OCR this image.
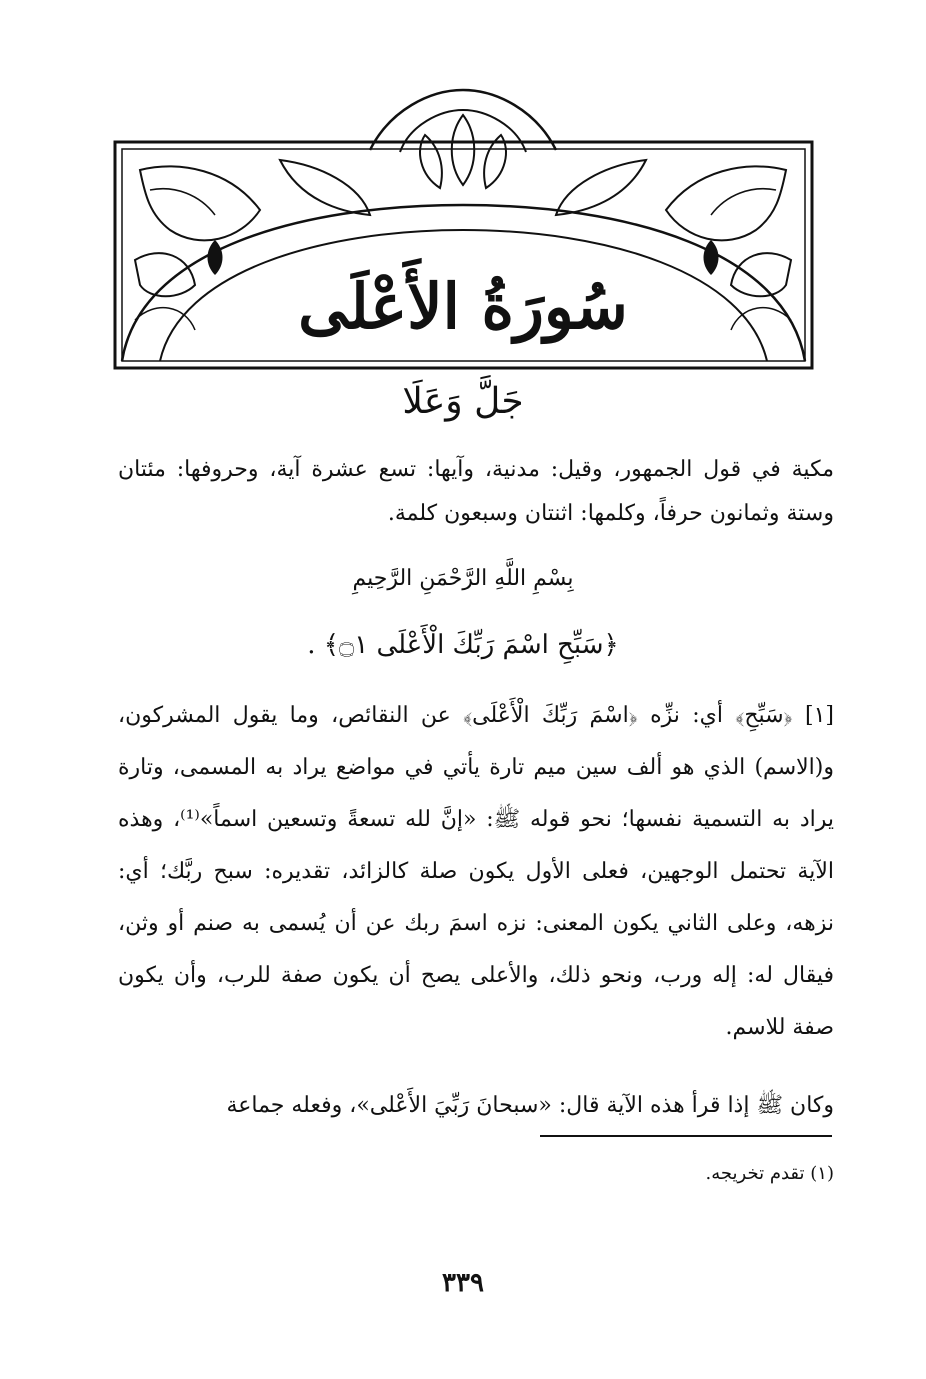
سُورَةُ الأَعْلَى
جَلَّ وَعَلَا
مكية في قول الجمهور، وقيل: مدنية، وآيها: تسع عشرة آية، وحروفها: مئتان وستة وثمانون حرفاً، وكلمها: اثنتان وسبعون كلمة.
بِسْمِ اللَّهِ الرَّحْمَنِ الرَّحِيمِ
﴿سَبِّحِ اسْمَ رَبِّكَ الْأَعْلَى ۝١﴾ .
[١] ﴿سَبِّحِ﴾ أي: نزِّه ﴿اسْمَ رَبِّكَ الْأَعْلَى﴾ عن النقائص، وما يقول المشركون، و(الاسم) الذي هو ألف سين ميم تارة يأتي في مواضع يراد به المسمى، وتارة يراد به التسمية نفسها؛ نحو قوله ﷺ: «إنَّ لله تسعةً وتسعين اسماً»⁽¹⁾، وهذه الآية تحتمل الوجهين، فعلى الأول يكون صلة كالزائد، تقديره: سبح ربَّك؛ أي: نزهه، وعلى الثاني يكون المعنى: نزه اسمَ ربك عن أن يُسمى به صنم أو وثن، فيقال له: إله ورب، ونحو ذلك، والأعلى يصح أن يكون صفة للرب، وأن يكون صفة للاسم.
وكان ﷺ إذا قرأ هذه الآية قال: «سبحانَ رَبِّيَ الأَعْلى»، وفعله جماعة
(١) تقدم تخريجه.
٣٣٩
